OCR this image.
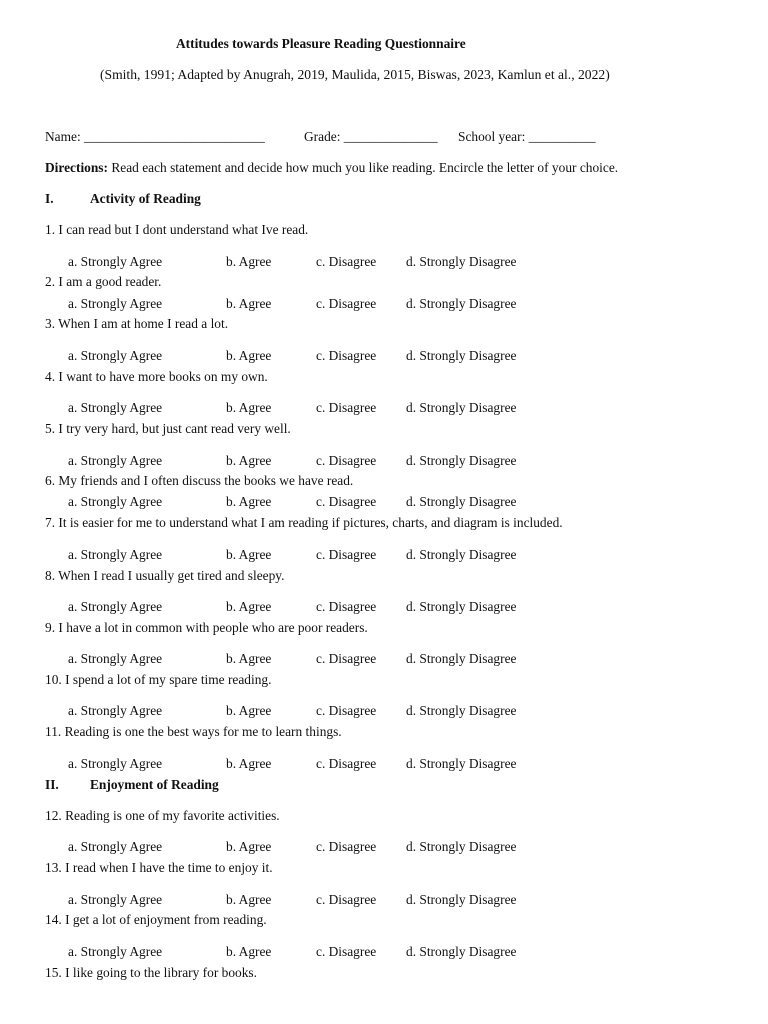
Attitudes towards Pleasure Reading Questionnaire
(Smith, 1991; Adapted by Anugrah, 2019, Maulida, 2015, Biswas, 2023, Kamlun et al., 2022)
Name: ___________________________	Grade: ______________ School year: __________
Directions: Read each statement and decide how much you like reading. Encircle the letter of your choice.
I.	Activity of Reading
1. I can read but I dont understand what Ive read.
a. Strongly Agree	b. Agree	c. Disagree d. Strongly Disagree
2. I am a good reader.
a. Strongly Agree	b. Agree	c. Disagree d. Strongly Disagree
3. When I am at home I read a lot.
a. Strongly Agree	b. Agree	c. Disagree d. Strongly Disagree
4. I want to have more books on my own.
a. Strongly Agree	b. Agree	c. Disagree d. Strongly Disagree
5. I try very hard, but just cant read very well.
a. Strongly Agree	b. Agree	c. Disagree d. Strongly Disagree
6. My friends and I often discuss the books we have read.
a. Strongly Agree	b. Agree	c. Disagree d. Strongly Disagree
7. It is easier for me to understand what I am reading if pictures, charts, and diagram is included.
a. Strongly Agree	b. Agree	c. Disagree d. Strongly Disagree
8. When I read I usually get tired and sleepy.
a. Strongly Agree	b. Agree	c. Disagree d. Strongly Disagree
9. I have a lot in common with people who are poor readers.
a. Strongly Agree	b. Agree	c. Disagree d. Strongly Disagree
10. I spend a lot of my spare time reading.
a. Strongly Agree	b. Agree	c. Disagree d. Strongly Disagree
11. Reading is one the best ways for me to learn things.
a. Strongly Agree	b. Agree	c. Disagree d. Strongly Disagree
II. Enjoyment of Reading
12. Reading is one of my favorite activities.
a. Strongly Agree	b. Agree	c. Disagree d. Strongly Disagree
13. I read when I have the time to enjoy it.
a. Strongly Agree	b. Agree	c. Disagree d. Strongly Disagree
14. I get a lot of enjoyment from reading.
a. Strongly Agree	b. Agree	c. Disagree d. Strongly Disagree
15. I like going to the library for books.
